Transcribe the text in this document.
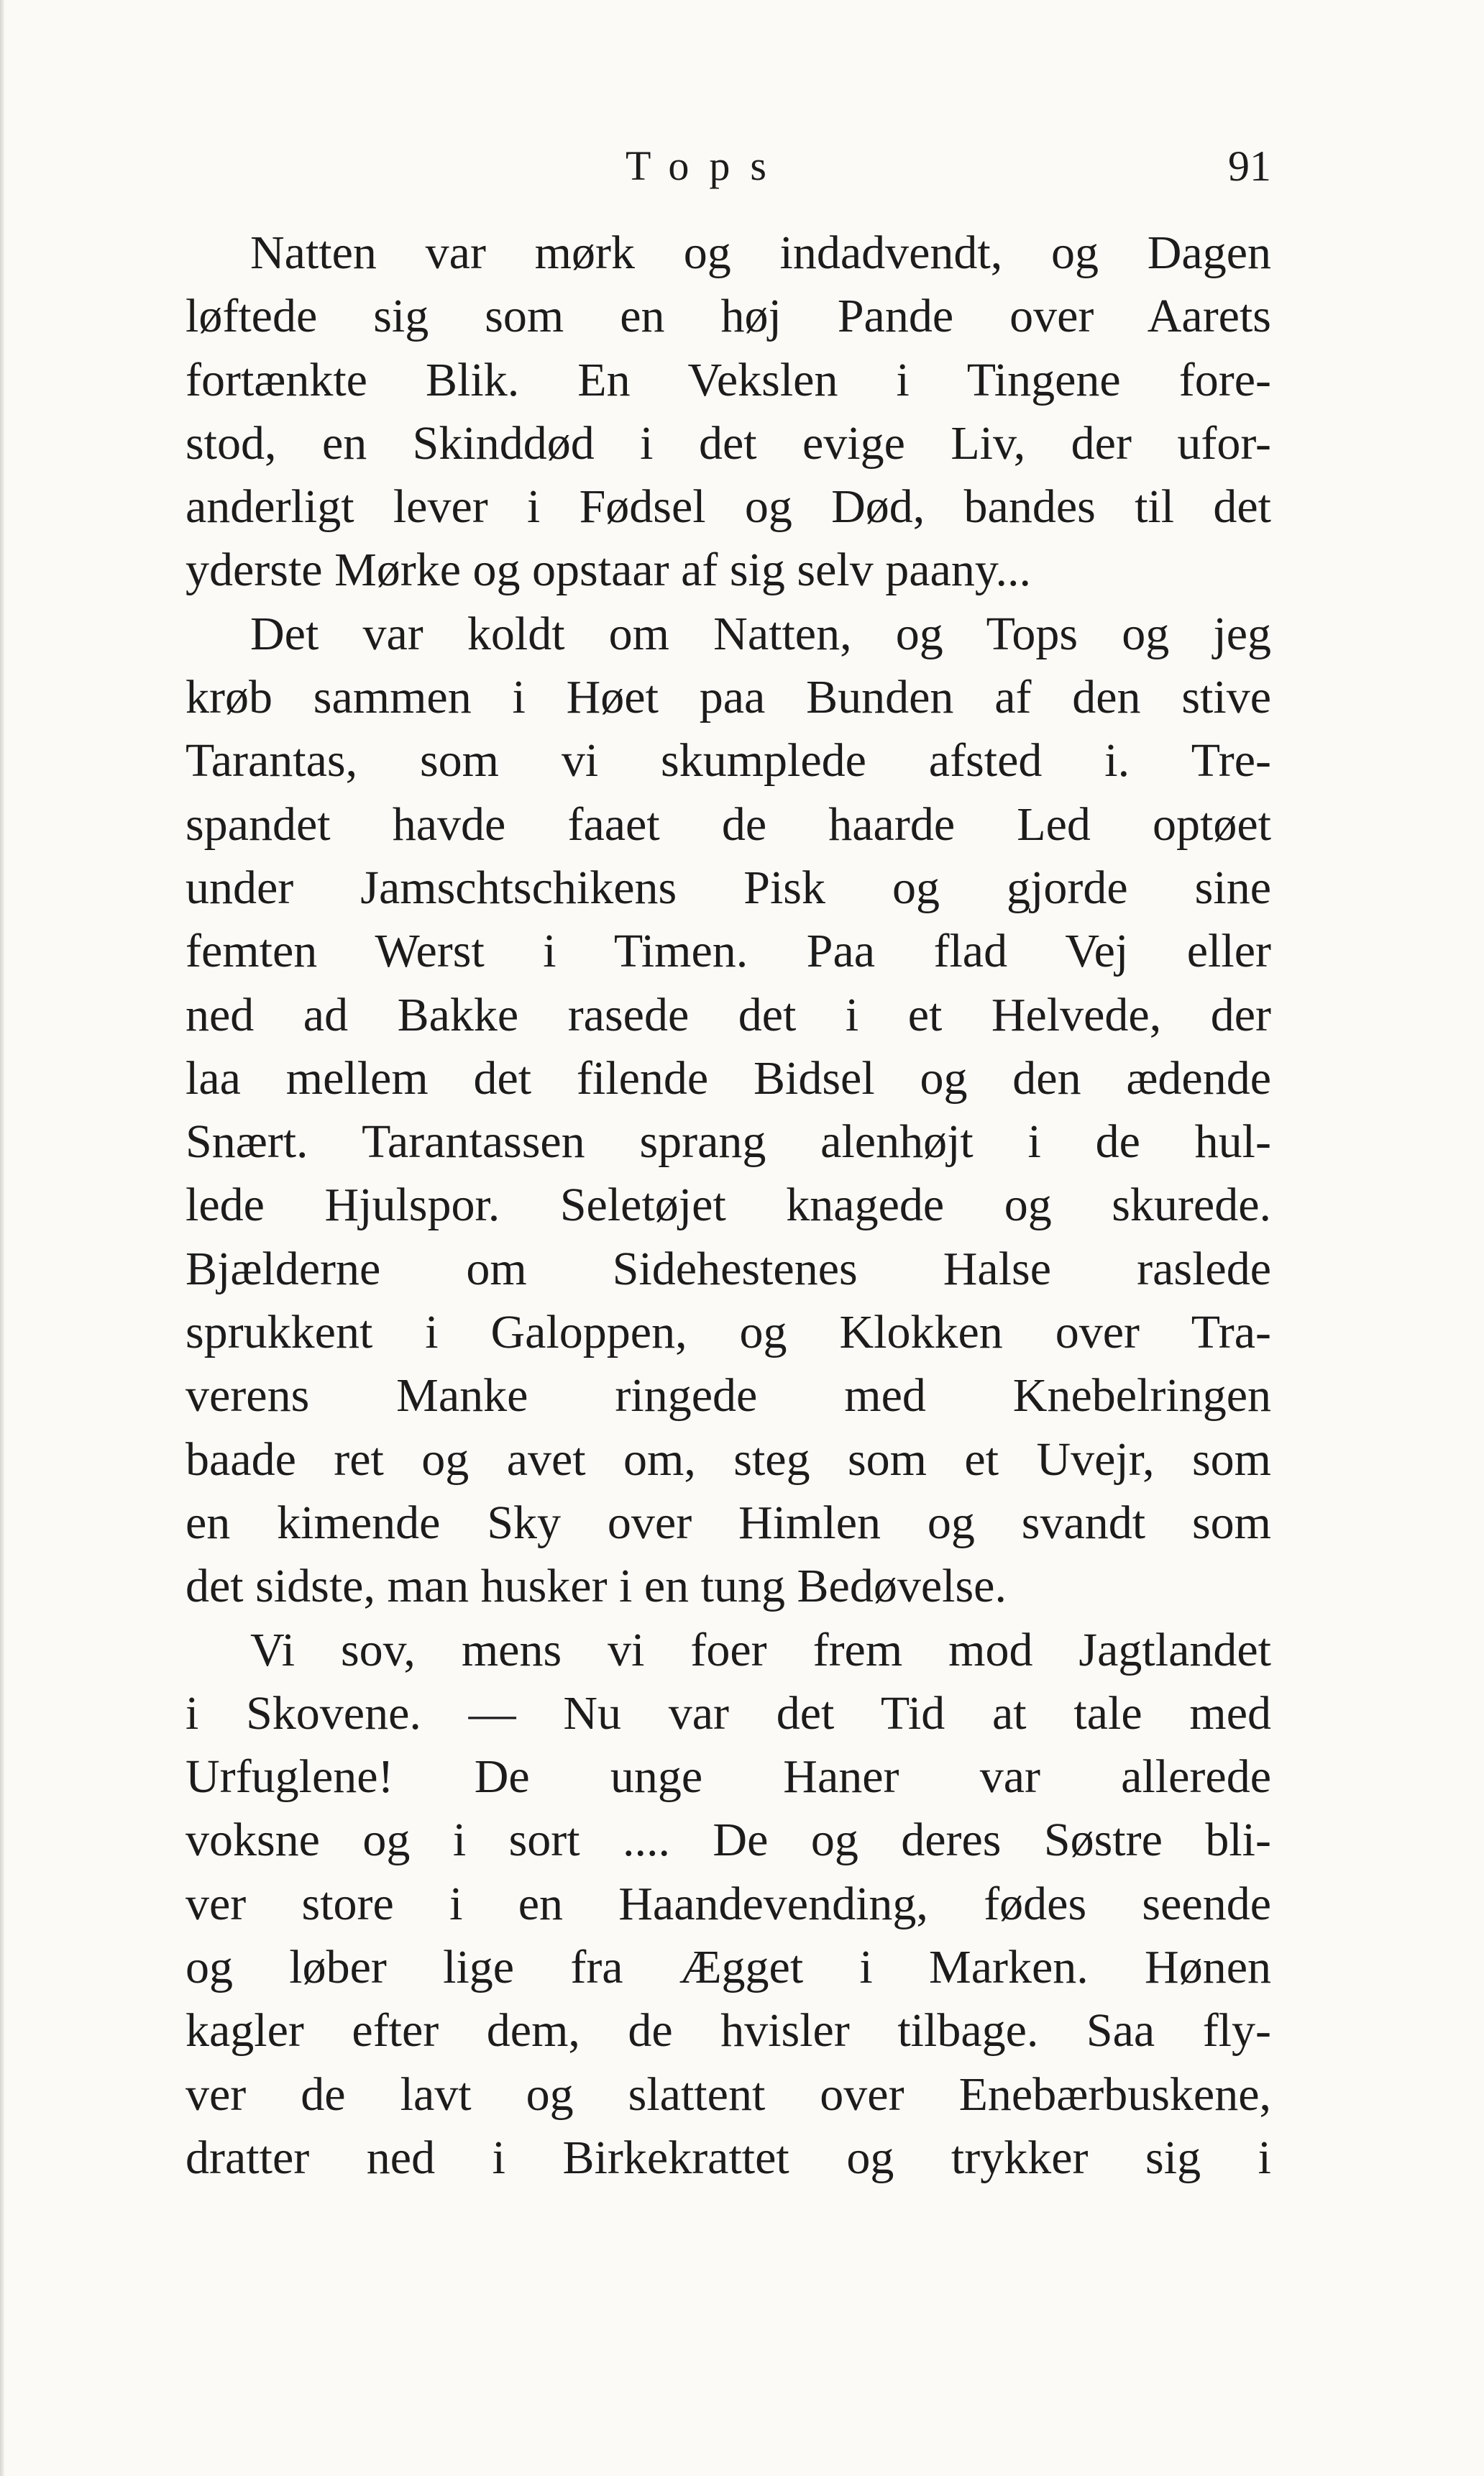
Tops	91
Natten var mørk og indadvendt, og Dagen
løftede sig som en høj Pande over Aarets
fortænkte Blik. En Vekslen i Tingene fore-
stod, en Skinddød i det evige Liv, der ufor-
anderligt lever i Fødsel og Død, bandes til det
yderste Mørke og opstaar af sig selv paany...
Det var koldt om Natten, og Tops og jeg
krøb sammen i Høet paa Bunden af den stive
Tarantas, som vi skumplede afsted i. Tre-
spandet havde faaet de haarde Led optøet
under Jamschtschikens Pisk og gjorde sine
femten Werst i Timen. Paa flad Vej eller
ned ad Bakke rasede det i et Helvede, der
laa mellem det filende Bidsel og den ædende
Snært. Tarantassen sprang alenhøjt i de hul-
lede Hjulspor. Seletøjet knagede og skurede.
Bjælderne om Sidehestenes Halse raslede
sprukkent i Galoppen, og Klokken over Tra-
verens Manke ringede med Knebelringen
baade ret og avet om, steg som et Uvejr, som
en kimende Sky over Himlen og svandt som
det sidste, man husker i en tung Bedøvelse.
Vi sov, mens vi foer frem mod Jagtlandet
i Skovene. — Nu var det Tid at tale med
Urfuglene! De unge Haner var allerede
voksne og i sort .... De og deres Søstre bli-
ver store i en Haandevending, fødes seende
og løber lige fra Ægget i Marken. Hønen
kagler efter dem, de hvisler tilbage. Saa fly-
ver de lavt og slattent over Enebærbuskene,
dratter ned i Birkekrattet og trykker sig i
